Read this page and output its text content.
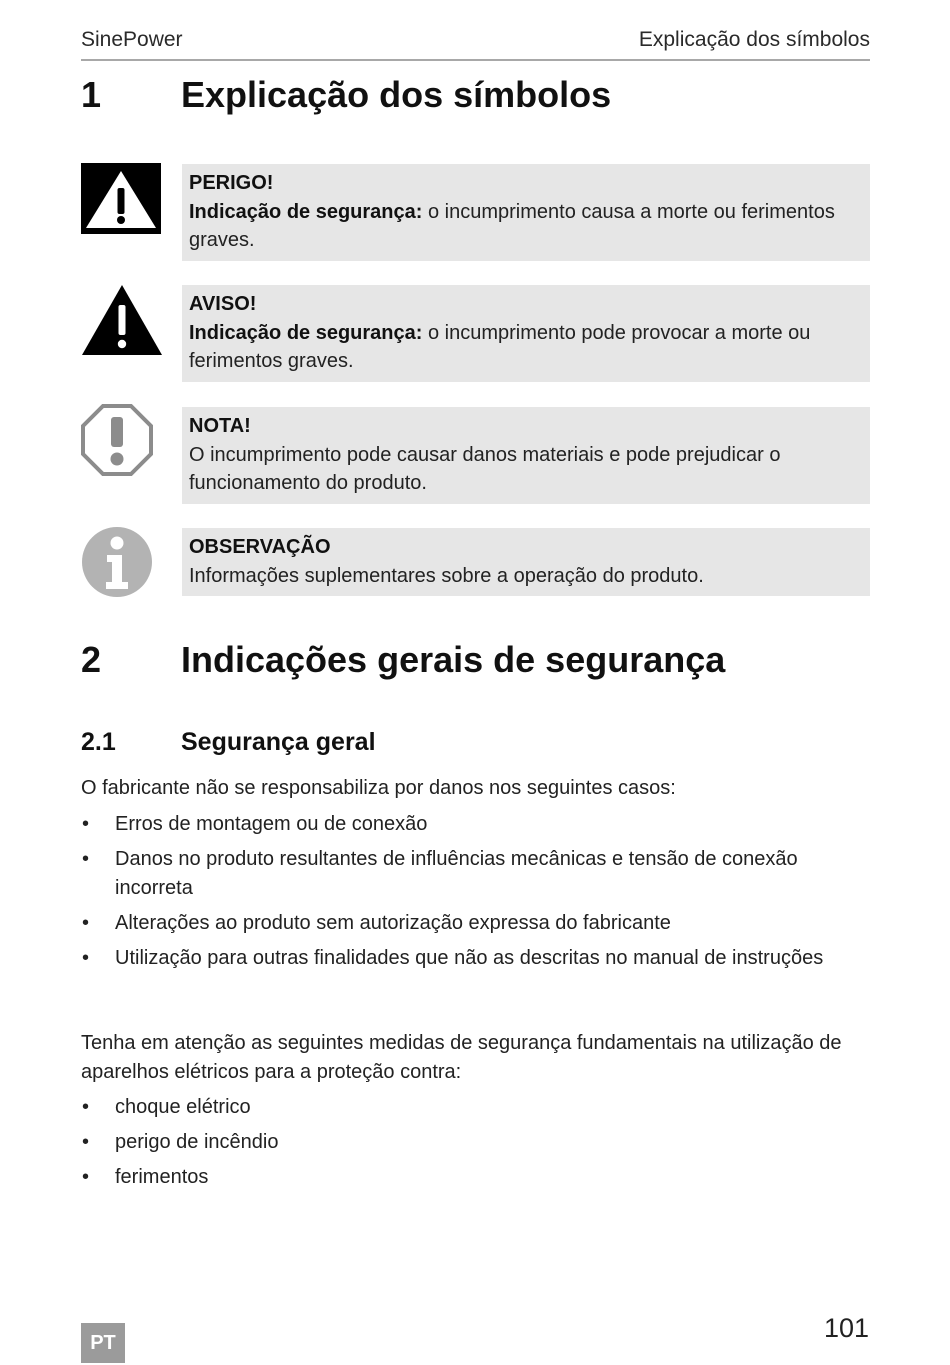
SinePower	Explicação dos símbolos
1 Explicação dos símbolos
PERIGO!
Indicação de segurança: o incumprimento causa a morte ou ferimentos graves.
AVISO!
Indicação de segurança: o incumprimento pode provocar a morte ou ferimentos graves.
NOTA!
O incumprimento pode causar danos materiais e pode prejudicar o funcionamento do produto.
OBSERVAÇÃO
Informações suplementares sobre a operação do produto.
2 Indicações gerais de segurança
2.1	Segurança geral

O fabricante não se responsabiliza por danos nos seguintes casos:

• Erros de montagem ou de conexão
• Danos no produto resultantes de influências mecânicas e tensão de conexão incorreta
• Alterações ao produto sem autorização expressa do fabricante
• Utilização para outras finalidades que não as descritas no manual de instruções

Tenha em atenção as seguintes medidas de segurança fundamentais na utilização de aparelhos elétricos para a proteção contra:

• choque elétrico
• perigo de incêndio
• ferimentos
PT	101
